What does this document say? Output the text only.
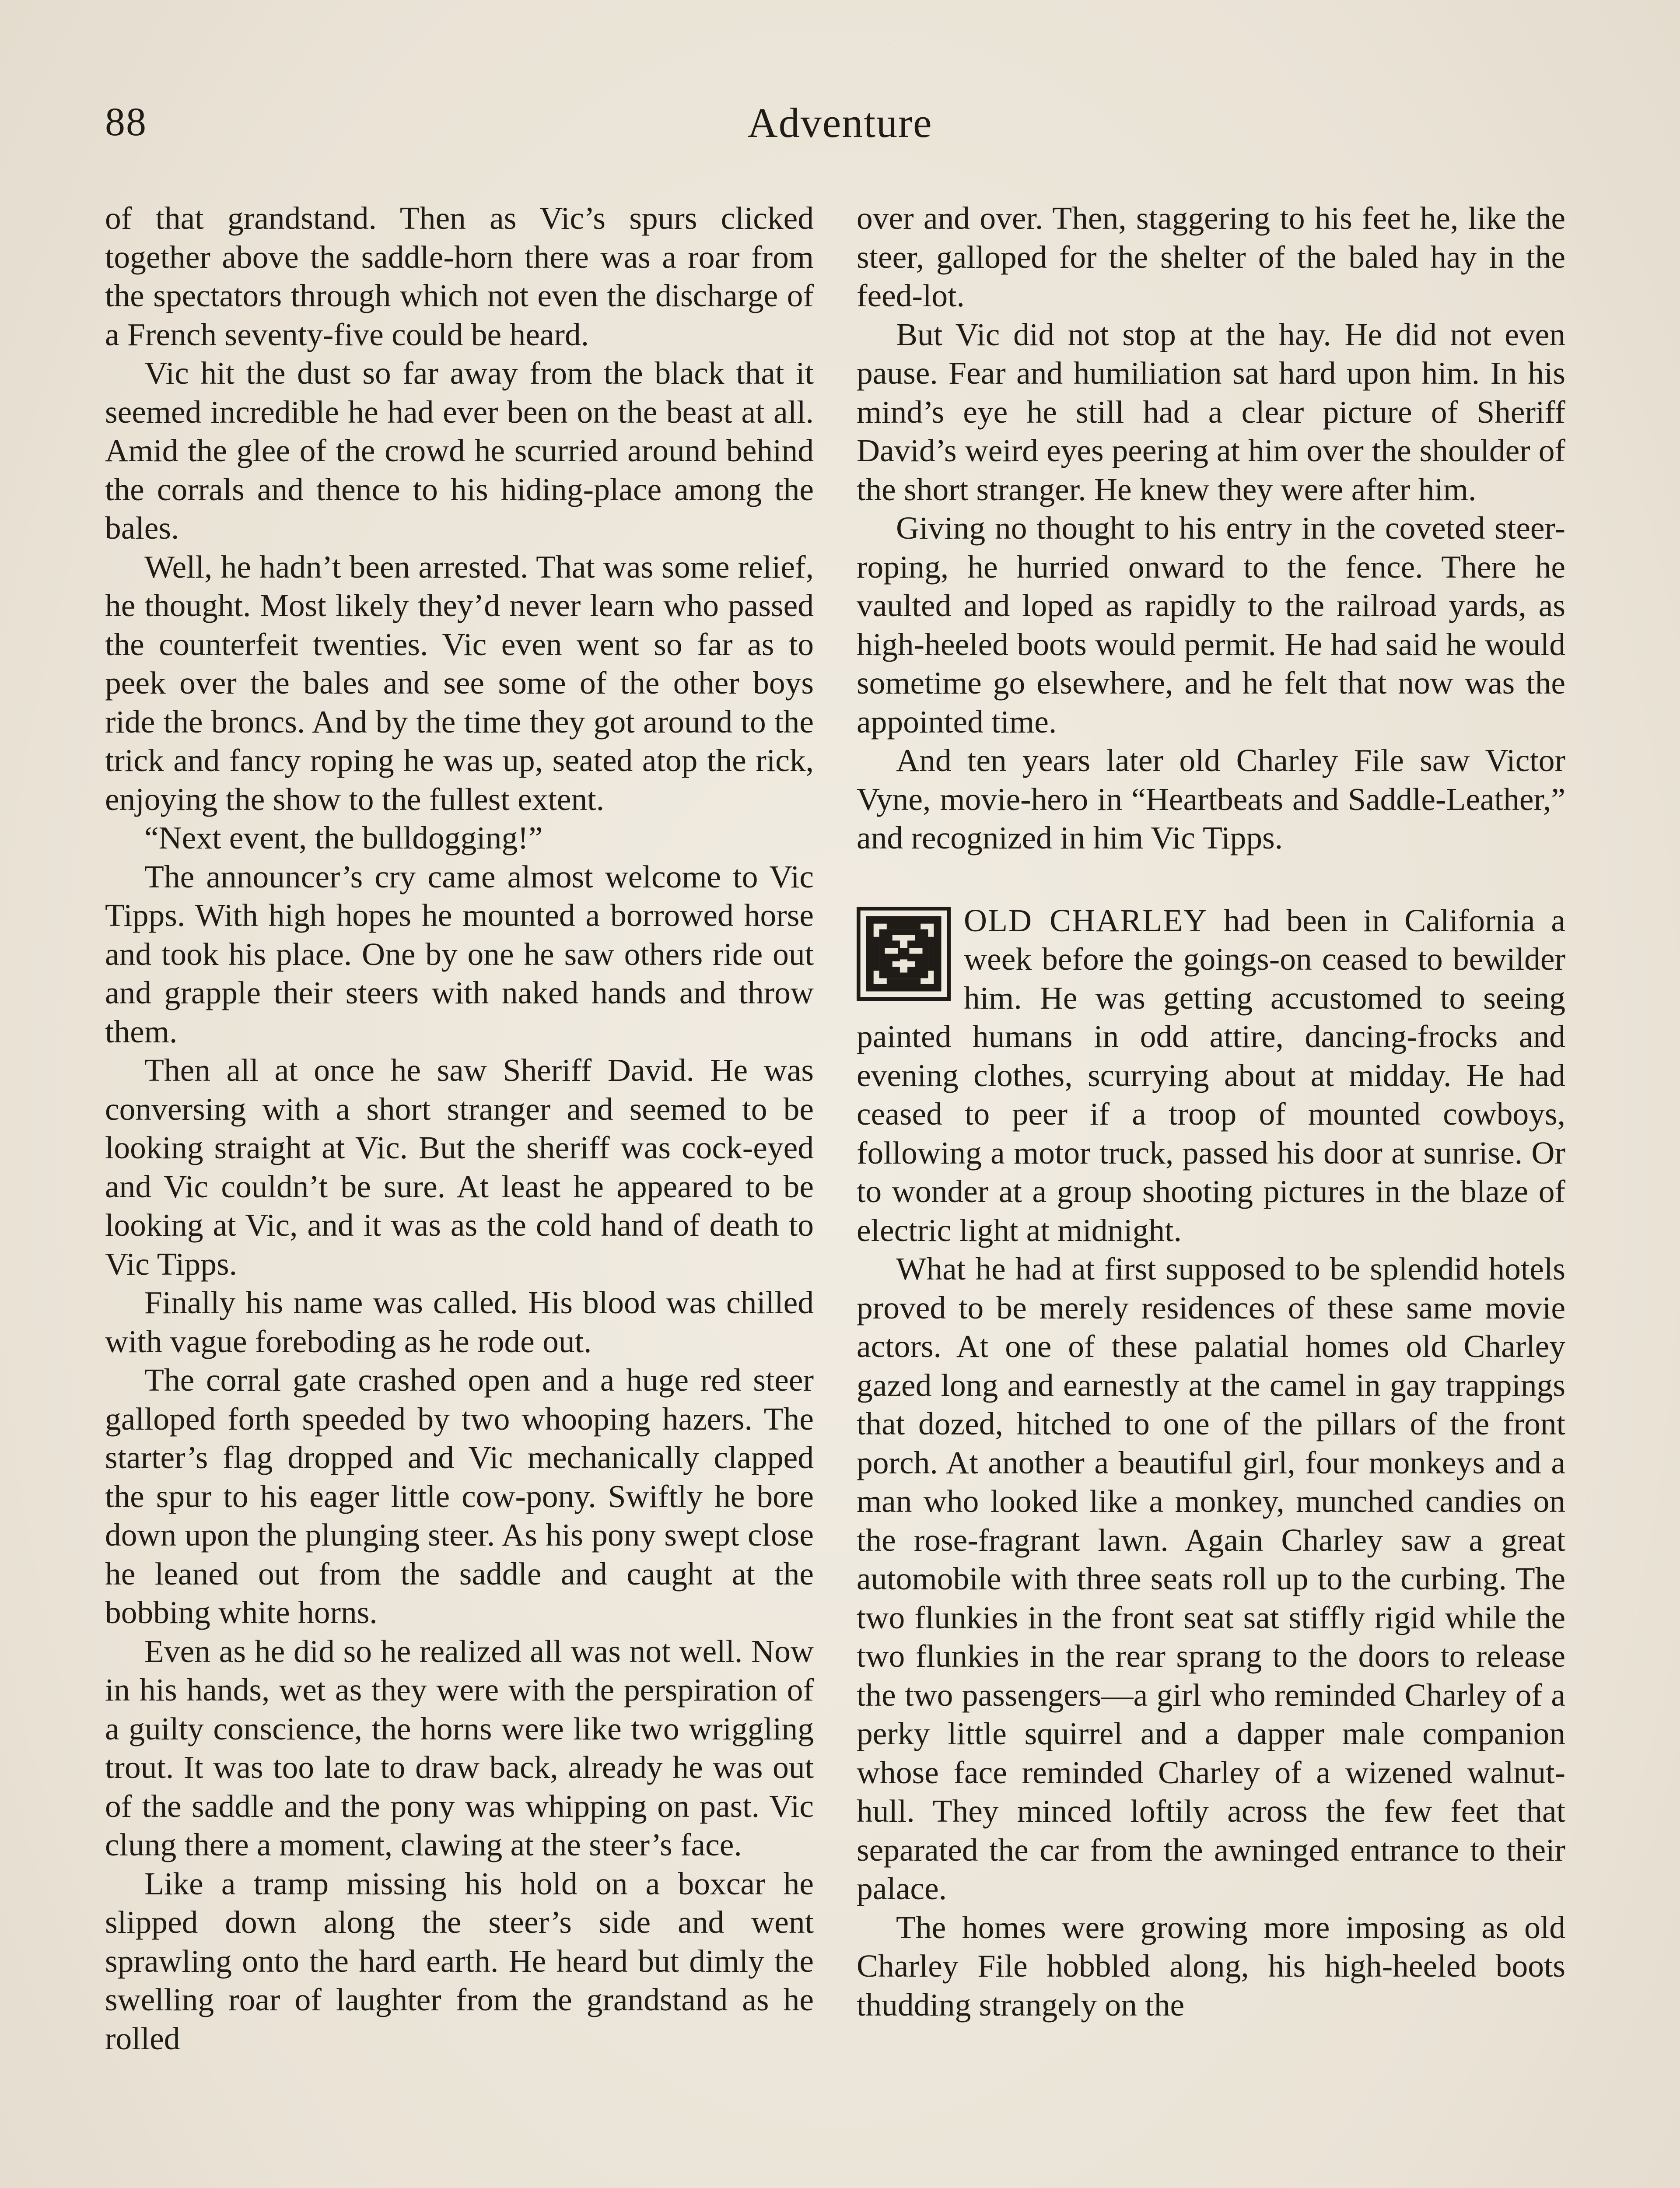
88	Adventure

of that grandstand. Then as Vic’s spurs clicked together above the saddle-horn there was a roar from the spectators through which not even the discharge of a French seventy-five could be heard.

Vic hit the dust so far away from the black that it seemed incredible he had ever been on the beast at all. Amid the glee of the crowd he scurried around behind the corrals and thence to his hiding-place among the bales.

Well, he hadn’t been arrested. That was some relief, he thought. Most likely they’d never learn who passed the counterfeit twenties. Vic even went so far as to peek over the bales and see some of the other boys ride the broncs. And by the time they got around to the trick and fancy roping he was up, seated atop the rick, enjoying the show to the fullest extent.

“Next event, the bulldogging!”

The announcer’s cry came almost welcome to Vic Tipps. With high hopes he mounted a borrowed horse and took his place. One by one he saw others ride out and grapple their steers with naked hands and throw them.

Then all at once he saw Sheriff David. He was conversing with a short stranger and seemed to be looking straight at Vic. But the sheriff was cock-eyed and Vic couldn’t be sure. At least he appeared to be looking at Vic, and it was as the cold hand of death to Vic Tipps.

Finally his name was called. His blood was chilled with vague foreboding as he rode out.

The corral gate crashed open and a huge red steer galloped forth speeded by two whooping hazers. The starter’s flag dropped and Vic mechanically clapped the spur to his eager little cow-pony. Swiftly he bore down upon the plunging steer. As his pony swept close he leaned out from the saddle and caught at the bobbing white horns.

Even as he did so he realized all was not well. Now in his hands, wet as they were with the perspiration of a guilty conscience, the horns were like two wriggling trout. It was too late to draw back, already he was out of the saddle and the pony was whipping on past. Vic clung there a moment, clawing at the steer’s face.

Like a tramp missing his hold on a boxcar he slipped down along the steer’s side and went sprawling onto the hard earth. He heard but dimly the swelling roar of laughter from the grandstand as he rolled

over and over. Then, staggering to his feet he, like the steer, galloped for the shelter of the baled hay in the feed-lot.

But Vic did not stop at the hay. He did not even pause. Fear and humiliation sat hard upon him. In his mind’s eye he still had a clear picture of Sheriff David’s weird eyes peering at him over the shoulder of the short stranger. He knew they were after him.

Giving no thought to his entry in the coveted steer-roping, he hurried onward to the fence. There he vaulted and loped as rapidly to the railroad yards, as high-heeled boots would permit. He had said he would sometime go elsewhere, and he felt that now was the appointed time.

And ten years later old Charley File saw Victor Vyne, movie-hero in “Heartbeats and Saddle-Leather,” and recognized in him Vic Tipps.

OLD CHARLEY had been in California a week before the goings-on ceased to bewilder him. He was getting accustomed to seeing painted humans in odd attire, dancing-frocks and evening clothes, scurrying about at midday. He had ceased to peer if a troop of mounted cowboys, following a motor truck, passed his door at sunrise. Or to wonder at a group shooting pictures in the blaze of electric light at midnight.

What he had at first supposed to be splendid hotels proved to be merely residences of these same movie actors. At one of these palatial homes old Charley gazed long and earnestly at the camel in gay trappings that dozed, hitched to one of the pillars of the front porch. At another a beautiful girl, four monkeys and a man who looked like a monkey, munched candies on the rose-fragrant lawn. Again Charley saw a great automobile with three seats roll up to the curbing. The two flunkies in the front seat sat stiffly rigid while the two flunkies in the rear sprang to the doors to release the two passengers—a girl who reminded Charley of a perky little squirrel and a dapper male companion whose face reminded Charley of a wizened walnut-hull. They minced loftily across the few feet that separated the car from the awninged entrance to their palace.

The homes were growing more imposing as old Charley File hobbled along, his high-heeled boots thudding strangely on the
